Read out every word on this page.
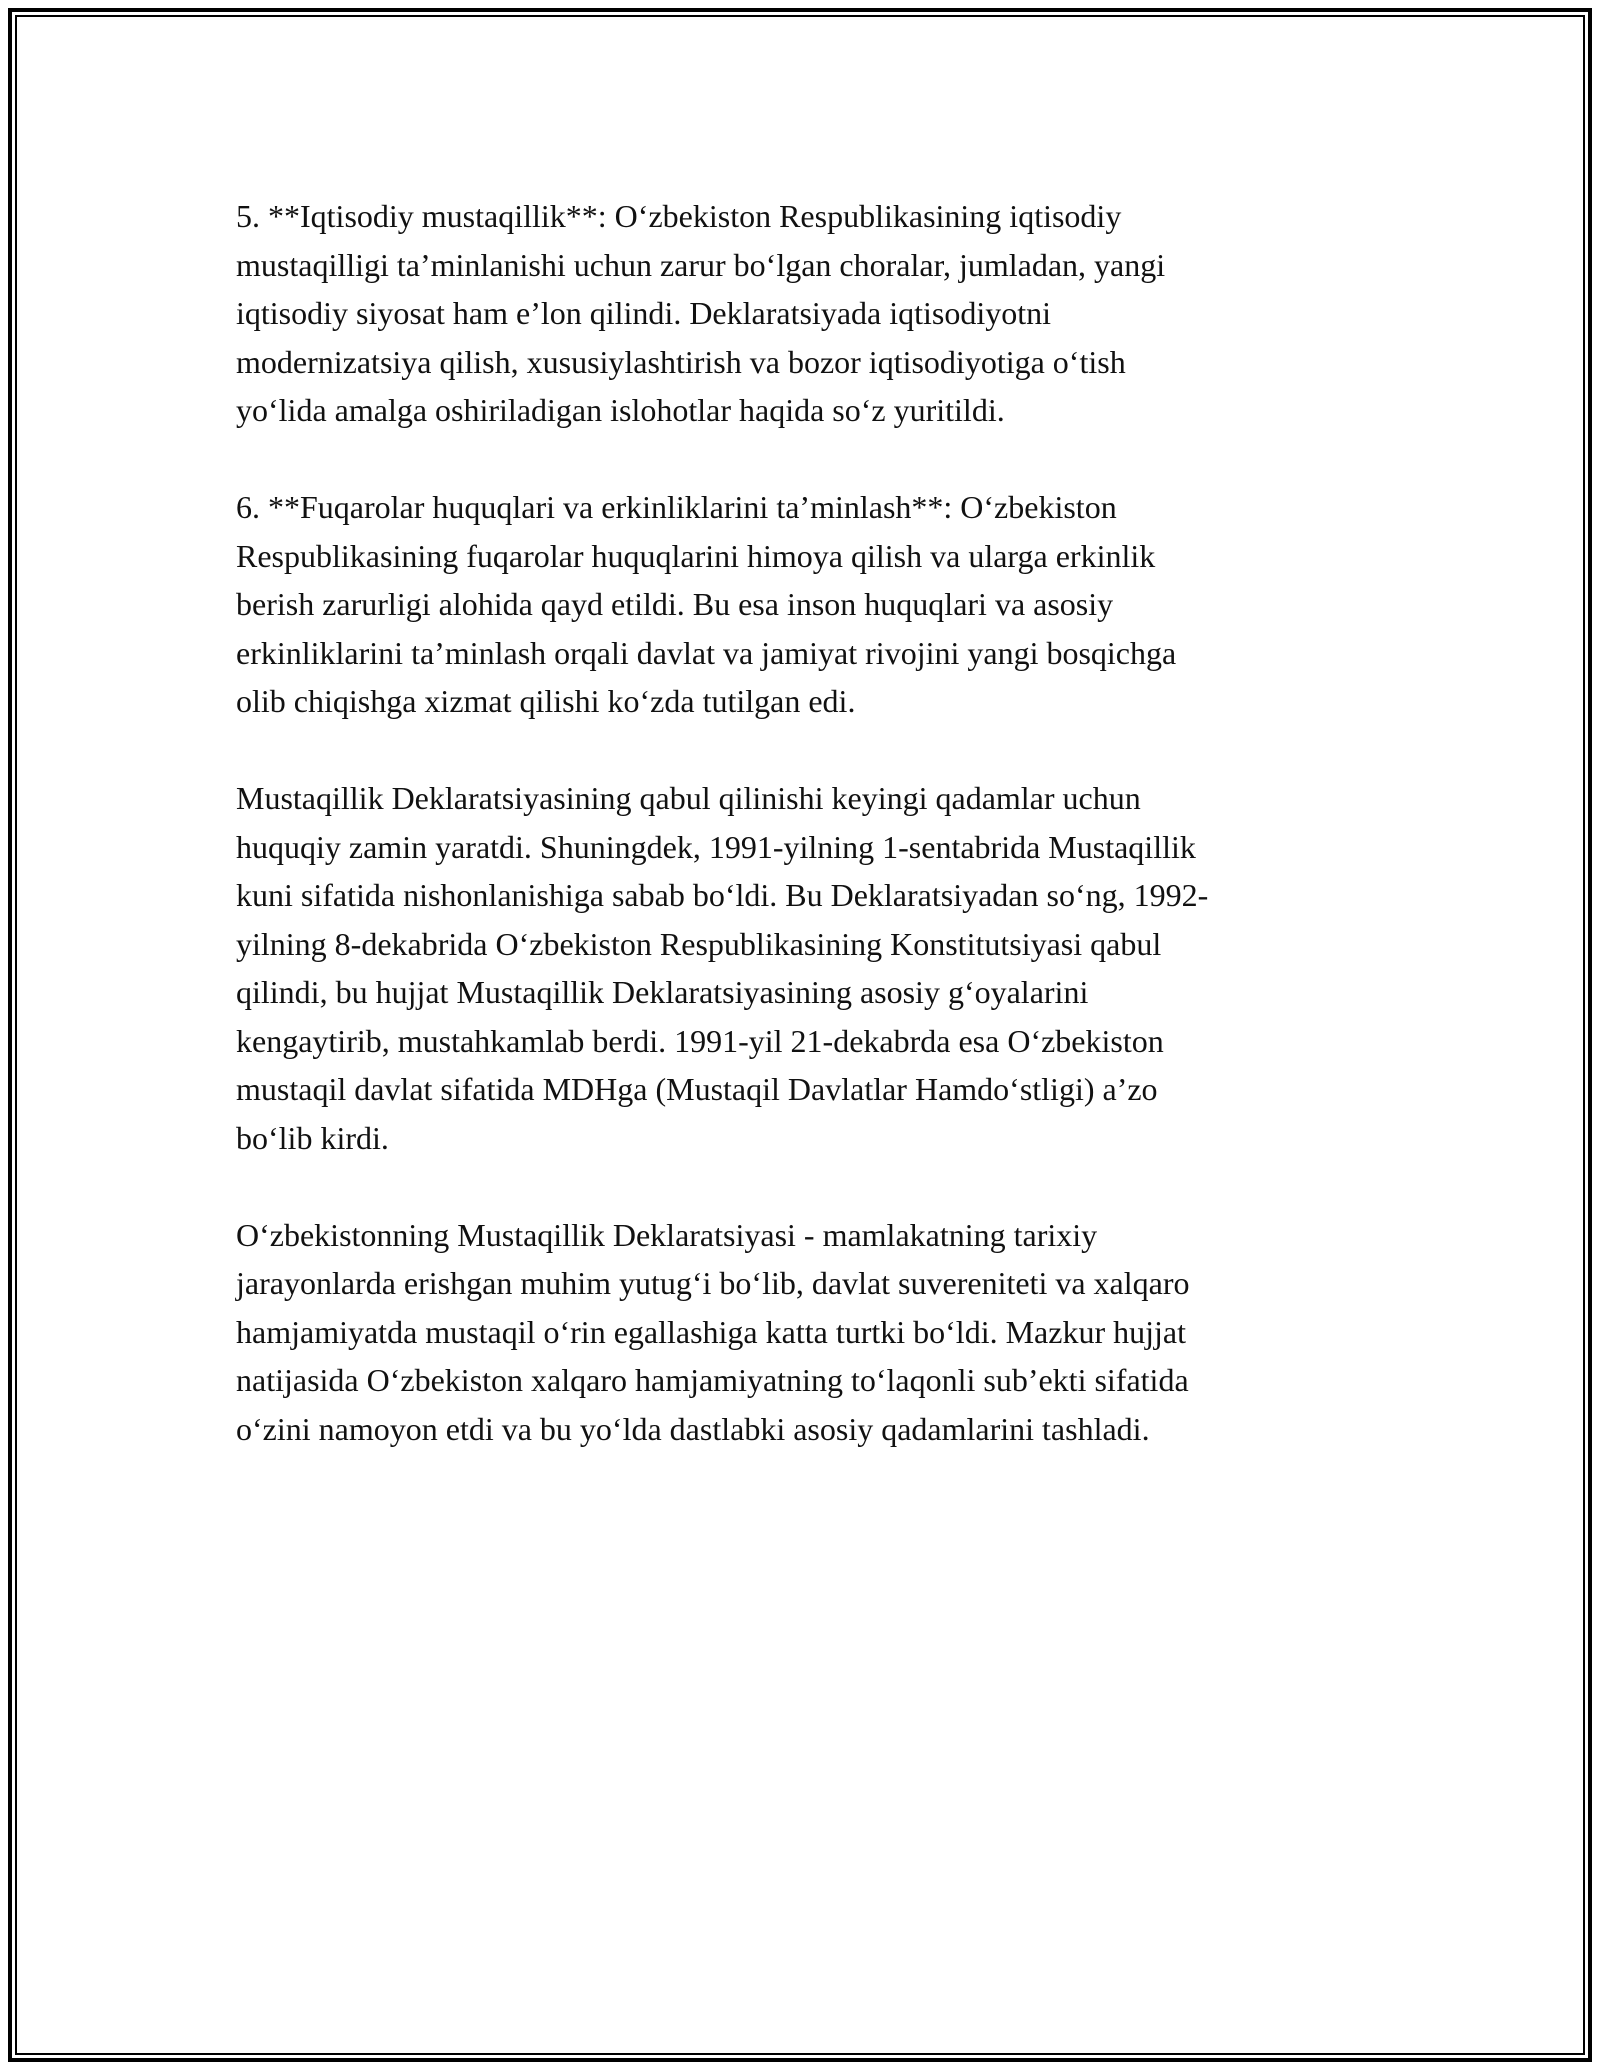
5. **Iqtisodiy mustaqillik**: O‘zbekiston Respublikasining iqtisodiy
mustaqilligi ta’minlanishi uchun zarur bo‘lgan choralar, jumladan, yangi
iqtisodiy siyosat ham e’lon qilindi. Deklaratsiyada iqtisodiyotni
modernizatsiya qilish, xususiylashtirish va bozor iqtisodiyotiga o‘tish
yo‘lida amalga oshiriladigan islohotlar haqida so‘z yuritildi.

6. **Fuqarolar huquqlari va erkinliklarini ta’minlash**: O‘zbekiston
Respublikasining fuqarolar huquqlarini himoya qilish va ularga erkinlik
berish zarurligi alohida qayd etildi. Bu esa inson huquqlari va asosiy
erkinliklarini ta’minlash orqali davlat va jamiyat rivojini yangi bosqichga
olib chiqishga xizmat qilishi ko‘zda tutilgan edi.

Mustaqillik Deklaratsiyasining qabul qilinishi keyingi qadamlar uchun
huquqiy zamin yaratdi. Shuningdek, 1991-yilning 1-sentabrida Mustaqillik
kuni sifatida nishonlanishiga sabab bo‘ldi. Bu Deklaratsiyadan so‘ng, 1992-
yilning 8-dekabrida O‘zbekiston Respublikasining Konstitutsiyasi qabul
qilindi, bu hujjat Mustaqillik Deklaratsiyasining asosiy g‘oyalarini
kengaytirib, mustahkamlab berdi. 1991-yil 21-dekabrda esa O‘zbekiston
mustaqil davlat sifatida MDHga (Mustaqil Davlatlar Hamdo‘stligi) a’zo
bo‘lib kirdi.

O‘zbekistonning Mustaqillik Deklaratsiyasi - mamlakatning tarixiy
jarayonlarda erishgan muhim yutug‘i bo‘lib, davlat suvereniteti va xalqaro
hamjamiyatda mustaqil o‘rin egallashiga katta turtki bo‘ldi. Mazkur hujjat
natijasida O‘zbekiston xalqaro hamjamiyatning to‘laqonli sub’ekti sifatida
o‘zini namoyon etdi va bu yo‘lda dastlabki asosiy qadamlarini tashladi.
